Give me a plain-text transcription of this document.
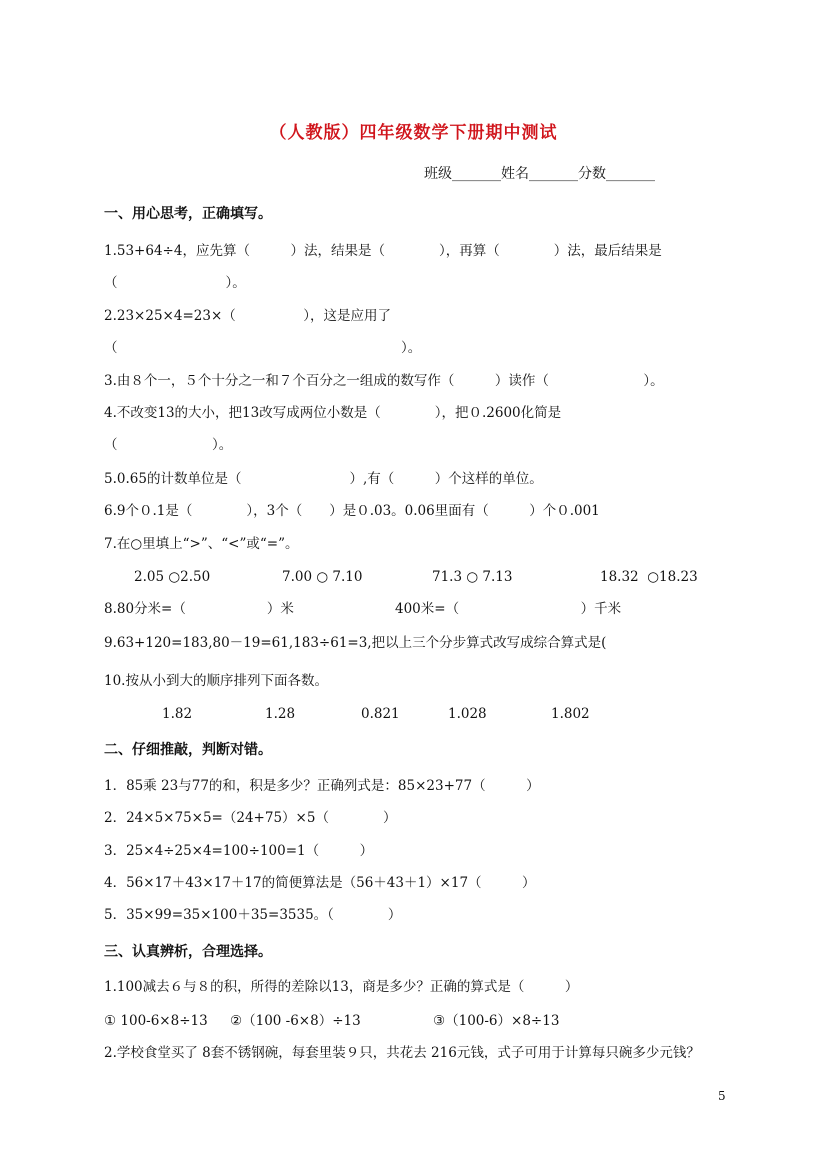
（人教版）四年级数学下册期中测试
班级_______姓名_______分数_______
一、用心思考，正确填写。
1.53+64÷4，应先算（　　　）法，结果是（　　　　），再算（　　　　）法，最后结果是
（　　　　　　　　）。
2.23×25×4=23×（　　　　　），这是应用了
（　　　　　　　　　　　　　　　　　　　　　）。
3.由８个一，５个十分之一和７个百分之一组成的数写作（　　　）读作（　　　　　　　）。
4.不改变13的大小，把13改写成两位小数是（　　　　），把０.2600化简是
（　　　　　　　）。
5.0.65的计数单位是（　　　　　　　　）,有（　　　）个这样的单位。
6.9个０.1是（　　　　），3个（　　）是０.03。0.06里面有（　　　）个０.001
7.在○里填上“>”、“<”或“=”。
2.05 ○2.50	7.00 ○ 7.10	71.3 ○ 7.13	18.32  ○18.23
8.80分米=（　　　　　　）米	400米=（　　　　　　　　　）千米
9.63+120=183,80－19=61,183÷61=3,把以上三个分步算式改写成综合算式是(
10.按从小到大的顺序排列下面各数。
1.82	1.28	0.821	1.028	1.802
二、仔细推敲，判断对错。
1．85乘 23与77的和，积是多少？正确列式是：85×23+77（　　　）
2．24×5×75×5=（24+75）×5（　　　　）
3．25×4÷25×4=100÷100=1（　　　）
4．56×17＋43×17＋17的简便算法是（56＋43＋1）×17（　　　）
5．35×99=35×100＋35=3535。（　　　　）
三、认真辨析，合理选择。
1.100减去６与８的积，所得的差除以13，商是多少？正确的算式是（　　　）
① 100-6×8÷13 ②（100 -6×8）÷13	③（100-6）×8÷13
2.学校食堂买了 8套不锈钢碗，每套里装９只，共花去 216元钱，式子可用于计算每只碗多少元钱？
5
